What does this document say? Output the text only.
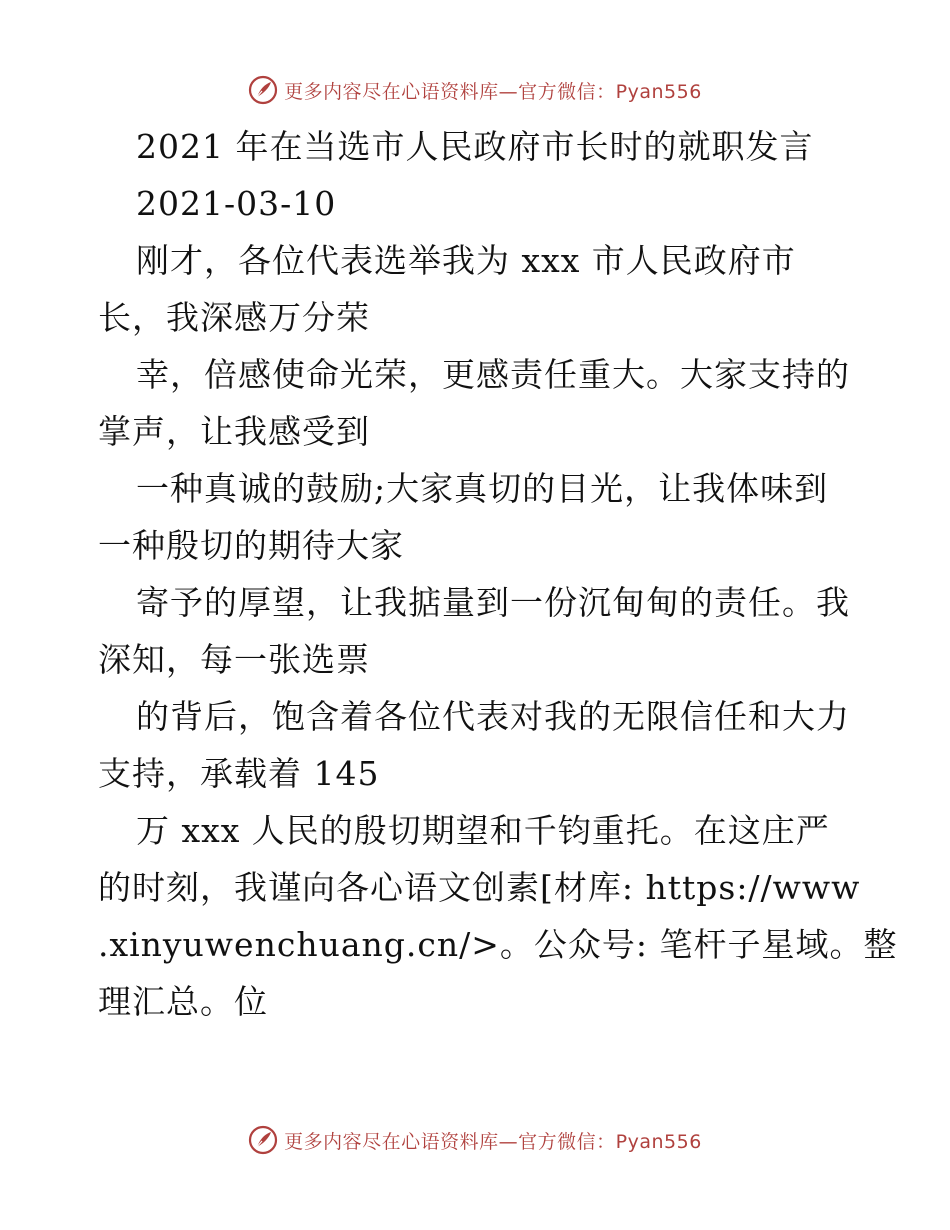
更多内容尽在心语资料库—官方微信：Pyan556
2021 年在当选市人民政府市长时的就职发言
2021-03-10
刚才，各位代表选举我为 xxx 市人民政府市
长，我深感万分荣
幸，倍感使命光荣，更感责任重大。大家支持的
掌声，让我感受到
一种真诚的鼓励;大家真切的目光，让我体味到
一种殷切的期待大家
寄予的厚望，让我掂量到一份沉甸甸的责任。我
深知，每一张选票
的背后，饱含着各位代表对我的无限信任和大力
支持，承载着 145
万 xxx 人民的殷切期望和千钧重托。在这庄严
的时刻，我谨向各心语文创素[材库: https://www
.xinyuwenchuang.cn/>。公众号: 笔杆子星域。整
理汇总。位
更多内容尽在心语资料库—官方微信：Pyan556
